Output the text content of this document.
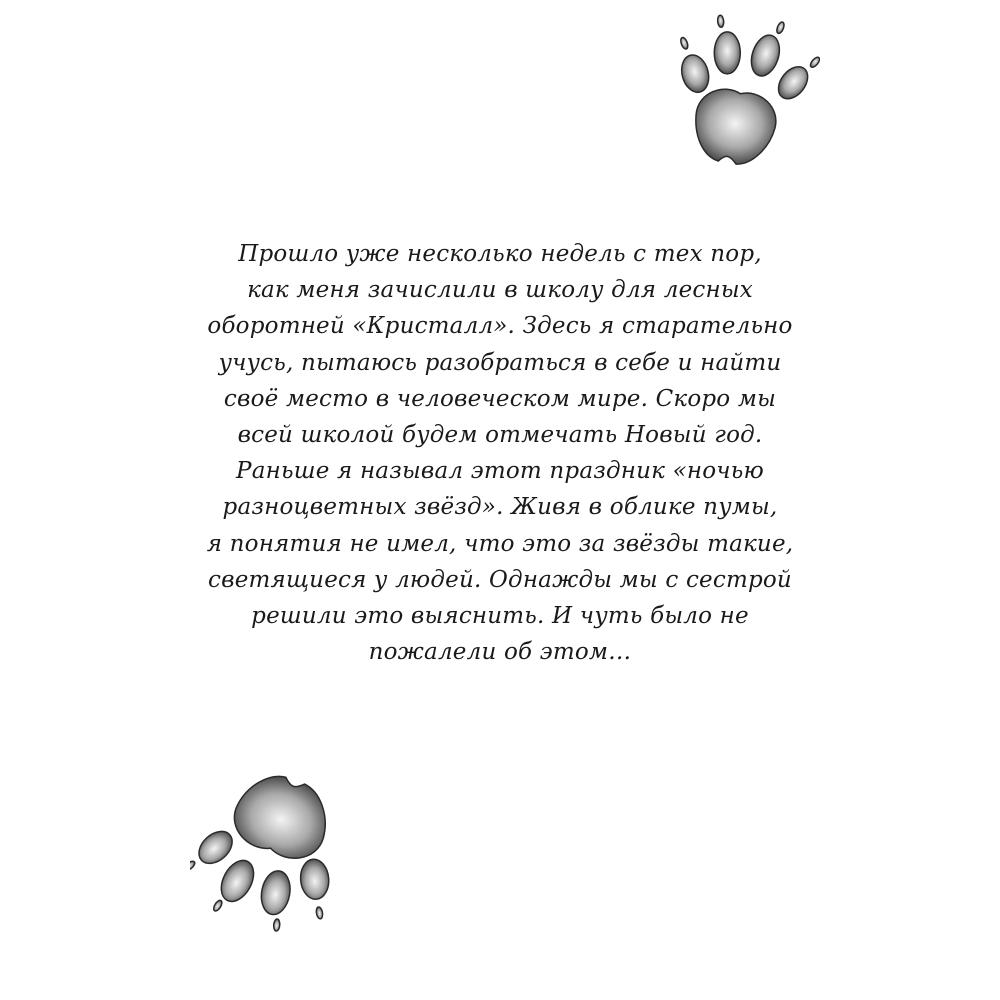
Прошло уже несколько недель с тех пор,
как меня зачислили в школу для лесных
оборотней «Кристалл». Здесь я старательно
учусь, пытаюсь разобраться в себе и найти
своё место в человеческом мире. Скоро мы
всей школой будем отмечать Новый год.
Раньше я называл этот праздник «ночью
разноцветных звёзд». Живя в облике пумы,
я понятия не имел, что это за звёзды такие,
светящиеся у людей. Однажды мы с сестрой
решили это выяснить. И чуть было не
пожалели об этом…
